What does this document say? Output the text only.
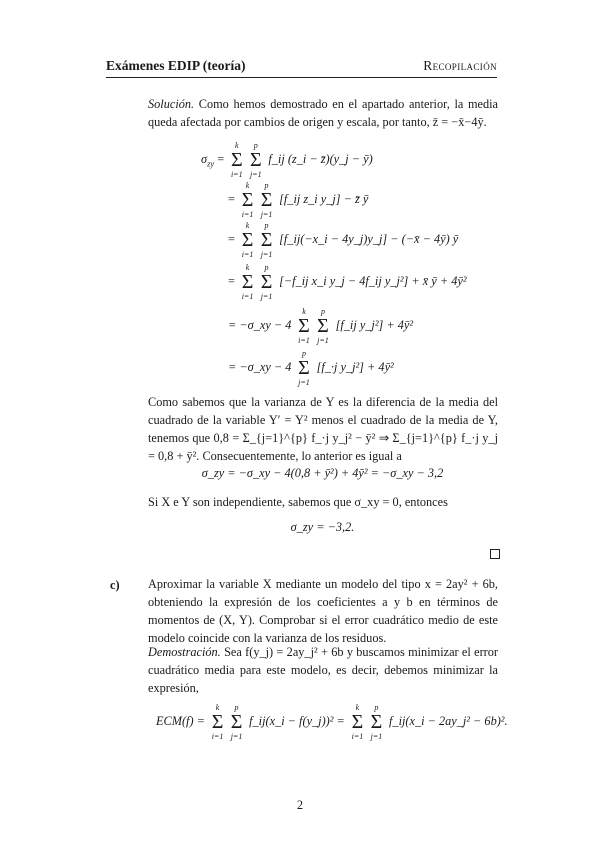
Exámenes EDIP (teoría)	Recopilación
Solución. Como hemos demostrado en el apartado anterior, la media queda afectada por cambios de origen y escala, por tanto, z̄ = −x̄−4ȳ.
$\sigma_{zy}$ =
k
Σ
i=1
p
Σ
j=1
f_ij (z_i − z̄)(y_j − ȳ)
=
k
Σ
i=1
p
Σ
j=1
[f_ij z_i y_j] − z̄ ȳ
=
k
Σ
i=1
p
Σ
j=1
[f_ij(−x_i − 4y_j)y_j] − (−x̄ − 4ȳ) ȳ
=
k
Σ
i=1
p
Σ
j=1
[−f_ij x_i y_j − 4f_ij y_j²] + x̄ ȳ + 4ȳ²
= −σ_xy − 4
k
Σ
i=1
p
Σ
j=1
[f_ij y_j²] + 4ȳ²
= −σ_xy − 4
p
Σ
j=1
[f_·j y_j²] + 4ȳ²
Como sabemos que la varianza de Y es la diferencia de la media del cuadrado de la variable Y′ = Y² menos el cuadrado de la media de Y, tenemos que 0,8 = Σ_{j=1}^{p} f_·j y_j² − ȳ² ⇒ Σ_{j=1}^{p} f_·j y_j = 0,8 + ȳ². Consecuentemente, lo anterior es igual a
σ_zy = −σ_xy − 4(0,8 + ȳ²) + 4ȳ² = −σ_xy − 3,2
Si X e Y son independiente, sabemos que σ_xy = 0, entonces
σ_zy = −3,2.
c) Aproximar la variable X mediante un modelo del tipo x = 2ay² + 6b, obteniendo la expresión de los coeficientes a y b en términos de momentos de (X, Y). Comprobar si el error cuadrático medio de este modelo coincide con la varianza de los residuos.
Demostración. Sea f(y_j) = 2ay_j² + 6b y buscamos minimizar el error cuadrático media para este modelo, es decir, debemos minimizar la expresión,
ECM(f) =
k
Σ
i=1
p
Σ
j=1
f_ij(x_i − f(y_j))² =
k
Σ
i=1
p
Σ
j=1
f_ij(x_i − 2ay_j² − 6b)².
2
